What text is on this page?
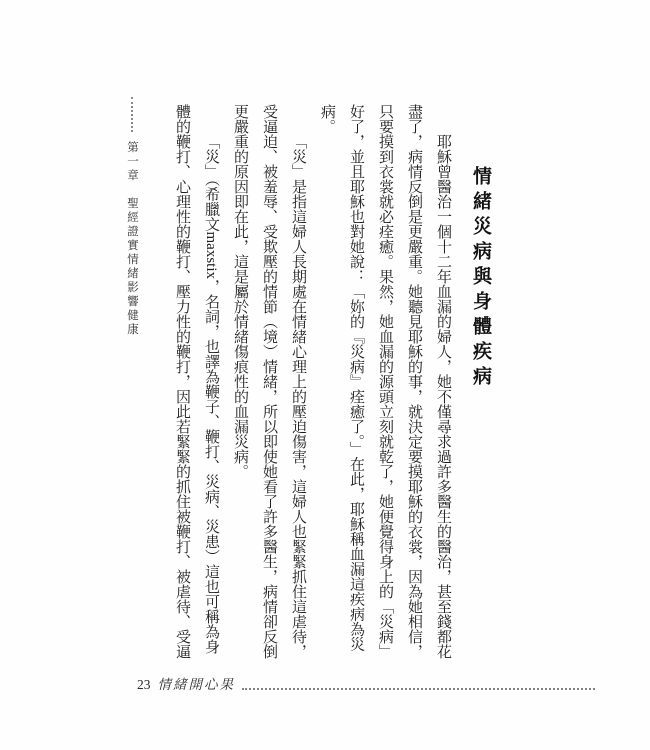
情緒災病與身體疾病

耶穌曾醫治一個十二年血漏的婦人，她不僅尋求過許多醫生的醫治，甚至錢都花盡了，病情反倒是更嚴重。她聽見耶穌的事，就決定要摸耶穌的衣裳，因為她相信，只要摸到衣裳就必痊癒。果然，她血漏的源頭立刻就乾了，她便覺得身上的「災病」好了，並且耶穌也對她說：「妳的『災病』痊癒了。」在此，耶穌稱血漏這疾病為災病。

「災」是指這婦人長期處在情緒心理上的壓迫傷害，這婦人也緊緊抓住這虐待，受逼迫、被羞辱、受欺壓的情節（境）情緒，所以即使她看了許多醫生，病情卻反倒更嚴重的原因即在此，這是屬於情緒傷痕性的血漏災病。

「災」（希臘文maxstix，名詞，也譯為鞭子、鞭打、災病、災患）這也可稱為身體的鞭打、心理性的鞭打、壓力性的鞭打，因此若緊緊的抓住被鞭打、被虐待、受逼

第一章　聖經證實情緒影響健康
23 情緒開心果
